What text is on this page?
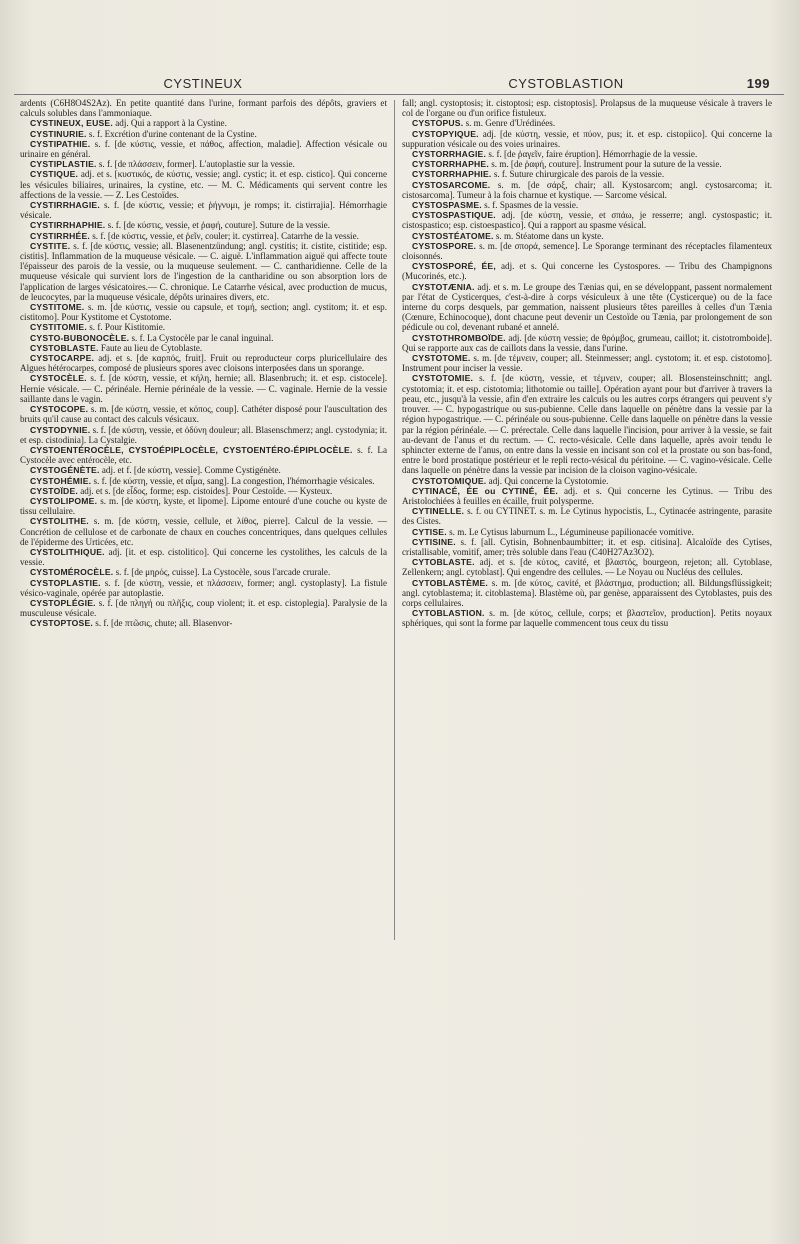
CYSTINEUX	CYSTOBLASTION	199

ardents (C6H8O4S2Az). En petite quantité dans l'urine, formant parfois des dépôts, graviers et calculs solubles dans l'ammoniaque.

CYSTINEUX, EUSE. adj. Qui a rapport à la Cystine.

CYSTINURIE. s. f. Excrétion d'urine contenant de la Cystine.

CYSTIPATHIE. s. f. [de κύστις, vessie, et πάθος, affection, maladie]. Affection vésicale ou urinaire en général.

CYSTIPLASTIE. s. f. [de πλάσσειν, former]. L'autoplastie sur la vessie.

CYSTIQUE. adj. et s. [κυστικός, de κύστις, vessie; angl. cystic; it. et esp. cistico]. Qui concerne les vésicules biliaires, urinaires, la cystine, etc. — M. C. Médicaments qui servent contre les affections de la vessie. — Z. Les Cestoïdes.

CYSTIRRHAGIE. s. f. [de κύστις, vessie; et ῥήγνυμι, je romps; it. cistirrajia]. Hémorrhagie vésicale.

CYSTIRRHAPHIE. s. f. [de κύστις, vessie, et ῥαφή, couture]. Suture de la vessie.

CYSTIRRHÉE. s. f. [de κύστις, vessie, et ῥεῖν, couler; it. cystirrea]. Catarrhe de la vessie.

CYSTITE. s. f. [de κύστις, vessie; all. Blasenentzündung; angl. cystitis; it. cistite, cistitide; esp. cistitis]. Inflammation de la muqueuse vésicale. — C. aiguë. L'inflammation aiguë qui affecte toute l'épaisseur des parois de la vessie, ou la muqueuse seulement. — C. cantharidienne. Celle de la muqueuse vésicale qui survient lors de l'ingestion de la cantharidine ou son absorption lors de l'application de larges vésicatoires.— C. chronique. Le Catarrhe vésical, avec production de mucus, de leucocytes, par la muqueuse vésicale, dépôts urinaires divers, etc.

CYSTITOME. s. m. [de κύστις, vessie ou capsule, et τομή, section; angl. cystitom; it. et esp. cistitomo]. Pour Kystitome et Cystotome.

CYSTITOMIE. s. f. Pour Kistitomie.

CYSTO-BUBONOCÈLE. s. f. La Cystocèle par le canal inguinal.

CYSTOBLASTE. Faute au lieu de Cytoblaste.

CYSTOCARPE. adj. et s. [de καρπός, fruit]. Fruit ou reproducteur corps pluricellulaire des Algues hétérocarpes, composé de plusieurs spores avec cloisons interposées dans un sporange.

CYSTOCÈLE. s. f. [de κύστη, vessie, et κήλη, hernie; all. Blasenbruch; it. et esp. cistocele]. Hernie vésicale. — C. périnéale. Hernie périnéale de la vessie. — C. vaginale. Hernie de la vessie saillante dans le vagin.

CYSTOCOPE. s. m. [de κύστη, vessie, et κόπος, coup]. Cathéter disposé pour l'auscultation des bruits qu'il cause au contact des calculs vésicaux.

CYSTODYNIE. s. f. [de κύστη, vessie, et ὀδύνη douleur; all. Blasenschmerz; angl. cystodynia; it. et esp. cistodinia]. La Cystalgie.

CYSTOENTÉROCÈLE, CYSTOÉPIPLOCÈLE, CYSTOENTÉRO-ÉPIPLOCÈLE. s. f. La Cystocèle avec entérocèle, etc.

CYSTOGÉNÈTE. adj. et f. [de κύστη, vessie]. Comme Cystigénète.

CYSTOHÉMIE. s. f. [de κύστη, vessie, et αἷμα, sang]. La congestion, l'hémorrhagie vésicales.

CYSTOÏDE. adj. et s. [de εἶδος, forme; esp. cistoides]. Pour Cestoïde. — Kysteux.

CYSTOLIPOME. s. m. [de κύστη, kyste, et lipome]. Lipome entouré d'une couche ou kyste de tissu cellulaire.

CYSTOLITHE. s. m. [de κύστη, vessie, cellule, et λίθος, pierre]. Calcul de la vessie. — Concrétion de cellulose et de carbonate de chaux en couches concentriques, dans quelques cellules de l'épiderme des Urticées, etc.

CYSTOLITHIQUE. adj. [it. et esp. cistolitico]. Qui concerne les cystolithes, les calculs de la vessie.

CYSTOMÉROCÈLE. s. f. [de μηρός, cuisse]. La Cystocèle, sous l'arcade crurale.

CYSTOPLASTIE. s. f. [de κύστη, vessie, et πλάσσειν, former; angl. cystoplasty]. La fistule vésico-vaginale, opérée par autoplastie.

CYSTOPLÉGIE. s. f. [de πληγή ou πλῆξις, coup violent; it. et esp. cistoplegia]. Paralysie de la musculeuse vésicale.

CYSTOPTOSE. s. f. [de πτῶσις, chute; all. Blasenvor-

fall; angl. cystoptosis; it. cistoptosi; esp. cistoptosis]. Prolapsus de la muqueuse vésicale à travers le col de l'organe ou d'un orifice fistuleux.

CYSTOPUS. s. m. Genre d'Urédinées.

CYSTOPYIQUE. adj. [de κύστη, vessie, et πύον, pus; it. et esp. cistopiico]. Qui concerne la suppuration vésicale ou des voies urinaires.

CYSTORRHAGIE. s. f. [de ῥαγεῖν, faire éruption]. Hémorrhagie de la vessie.

CYSTORRHAPHE. s. m. [de ῥαφή, couture]. Instrument pour la suture de la vessie.

CYSTORRHAPHIE. s. f. Suture chirurgicale des parois de la vessie.

CYSTOSARCOME. s. m. [de σάρξ, chair; all. Kystosarcom; angl. cystosarcoma; it. cistosarcoma]. Tumeur à la fois charnue et kystique. — Sarcome vésical.

CYSTOSPASME. s. f. Spasmes de la vessie.

CYSTOSPASTIQUE. adj. [de κύστη, vessie, et σπάω, je resserre; angl. cystospastic; it. cistospastico; esp. cistoespastico]. Qui a rapport au spasme vésical.

CYSTOSTÉATOME. s. m. Stéatome dans un kyste.

CYSTOSPORE. s. m. [de σπορά, semence]. Le Sporange terminant des réceptacles filamenteux cloisonnés.

CYSTOSPORÉ, ÉE, adj. et s. Qui concerne les Cystospores. — Tribu des Champignons (Mucorinés, etc.).

CYSTOTÆNIA. adj. et s. m. Le groupe des Tænias qui, en se développant, passent normalement par l'état de Cysticerques, c'est-à-dire à corps vésiculeux à une tête (Cysticerque) ou de la face interne du corps desquels, par gemmation, naissent plusieurs têtes pareilles à celles d'un Tænia (Cœnure, Echinocoque), dont chacune peut devenir un Cestoïde ou Tænia, par prolongement de son pédicule ou col, devenant rubané et annelé.

CYSTOTHROMBOÏDE. adj. [de κύστη vessie; de θρόμβος, grumeau, caillot; it. cistotromboide]. Qui se rapporte aux cas de caillots dans la vessie, dans l'urine.

CYSTOTOME. s. m. [de τέμνειν, couper; all. Steinmesser; angl. cystotom; it. et esp. cistotomo]. Instrument pour inciser la vessie.

CYSTOTOMIE. s. f. [de κύστη, vessie, et τέμνειν, couper; all. Blosensteinschnitt; angl. cystotomia; it. et esp. cistotomia; lithotomie ou taille]. Opération ayant pour but d'arriver à travers la peau, etc., jusqu'à la vessie, afin d'en extraire les calculs ou les autres corps étrangers qui peuvent s'y trouver. — C. hypogastrique ou sus-pubienne. Celle dans laquelle on pénètre dans la vessie par la région hypogastrique. — C. périnéale ou sous-pubienne. Celle dans laquelle on pénètre dans la vessie par la région périnéale. — C. prérectale. Celle dans laquelle l'incision, pour arriver à la vessie, se fait au-devant de l'anus et du rectum. — C. recto-vésicale. Celle dans laquelle, après avoir tendu le sphincter externe de l'anus, on entre dans la vessie en incisant son col et la prostate ou son bas-fond, entre le bord prostatique postérieur et le repli recto-vésical du péritoine. — C. vagino-vésicale. Celle dans laquelle on pénètre dans la vessie par incision de la cloison vagino-vésicale.

CYSTOTOMIQUE. adj. Qui concerne la Cystotomie.

CYTINACÉ, ÉE ou CYTINÉ, ÉE. adj. et s. Qui concerne les Cytinus. — Tribu des Aristolochiées à feuilles en écaille, fruit polysperme.

CYTINELLE. s. f. ou CYTINET. s. m. Le Cytinus hypocistis, L., Cytinacée astringente, parasite des Cistes.

CYTISE. s. m. Le Cytisus laburnum L., Légumineuse papilionacée vomitive.

CYTISINE. s. f. [all. Cytisin, Bohnenbaumbitter; it. et esp. citisina]. Alcaloïde des Cytises, cristallisable, vomitif, amer; très soluble dans l'eau (C40H27Az3O2).

CYTOBLASTE. adj. et s. [de κύτος, cavité, et βλαστός, bourgeon, rejeton; all. Cytoblase, Zellenkern; angl. cytoblast]. Qui engendre des cellules. — Le Noyau ou Nucléus des cellules.

CYTOBLASTÈME. s. m. [de κύτος, cavité, et βλάστημα, production; all. Bildungsflüssigkeit; angl. cytoblastema; it. citoblastema]. Blastème où, par genèse, apparaissent des Cytoblastes, puis des corps cellulaires.

CYTOBLASTION. s. m. [de κύτος, cellule, corps; et βλαστεῖον, production]. Petits noyaux sphériques, qui sont la forme par laquelle commencent tous ceux du tissu
